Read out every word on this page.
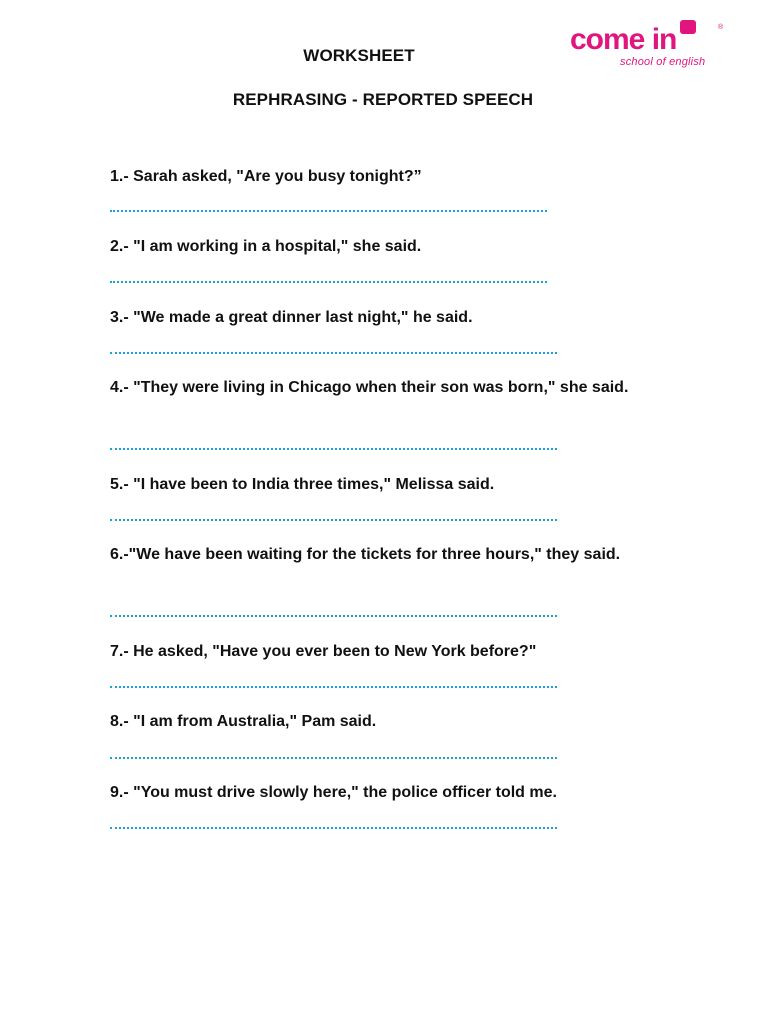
WORKSHEET
REPHRASING - REPORTED SPEECH
come in	®
school of english
1.- Sarah asked, "Are you busy tonight?”
2.- "I am working in a hospital," she said.
3.- "We made a great dinner last night," he said.
4.- "They were living in Chicago when their son was born," she said.
5.- "I have been to India three times," Melissa said.
6.-"We have been waiting for the tickets for three hours," they said.
7.- He asked, "Have you ever been to New York before?"
8.- "I am from Australia," Pam said.
9.- "You must drive slowly here," the police officer told me.
